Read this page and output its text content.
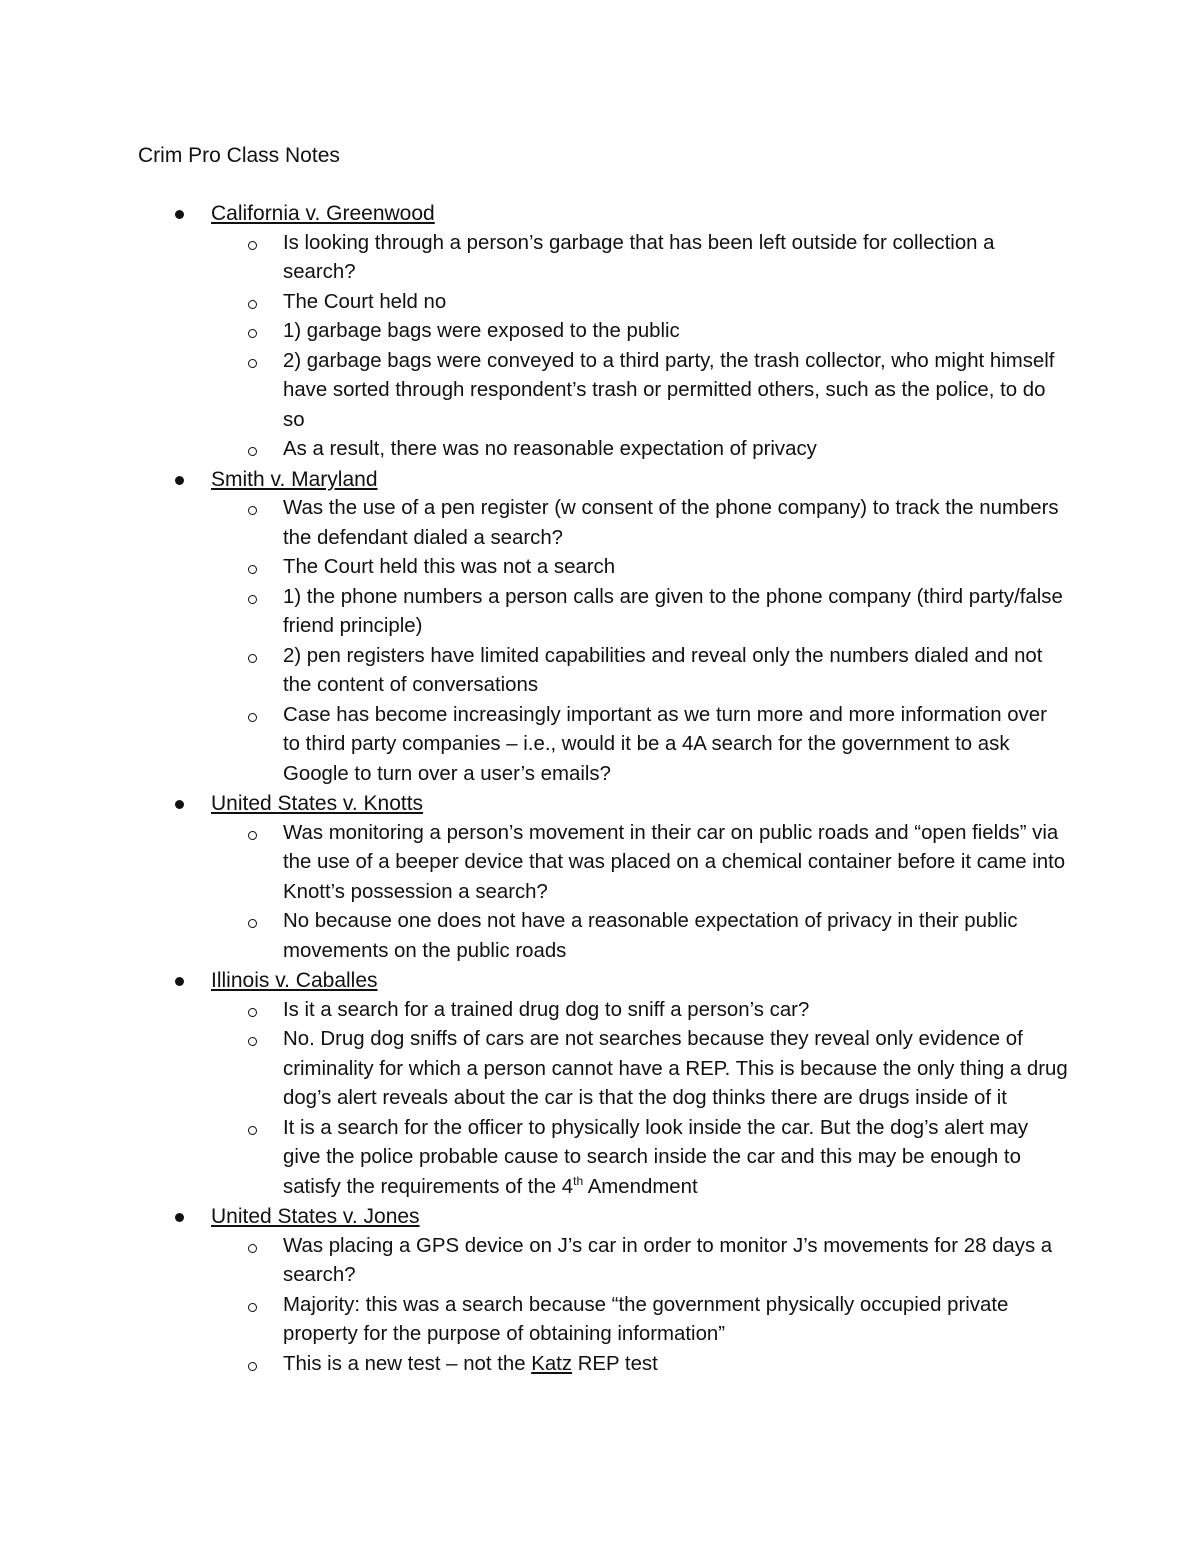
Crim Pro Class Notes
California v. Greenwood
Is looking through a person’s garbage that has been left outside for collection a search?
The Court held no
1) garbage bags were exposed to the public
2) garbage bags were conveyed to a third party, the trash collector, who might himself have sorted through respondent’s trash or permitted others, such as the police, to do so
As a result, there was no reasonable expectation of privacy
Smith v. Maryland
Was the use of a pen register (w consent of the phone company) to track the numbers the defendant dialed a search?
The Court held this was not a search
1) the phone numbers a person calls are given to the phone company (third party/false friend principle)
2) pen registers have limited capabilities and reveal only the numbers dialed and not the content of conversations
Case has become increasingly important as we turn more and more information over to third party companies – i.e., would it be a 4A search for the government to ask Google to turn over a user’s emails?
United States v. Knotts
Was monitoring a person’s movement in their car on public roads and “open fields” via the use of a beeper device that was placed on a chemical container before it came into Knott’s possession a search?
No because one does not have a reasonable expectation of privacy in their public movements on the public roads
Illinois v. Caballes
Is it a search for a trained drug dog to sniff a person’s car?
No. Drug dog sniffs of cars are not searches because they reveal only evidence of criminality for which a person cannot have a REP. This is because the only thing a drug dog’s alert reveals about the car is that the dog thinks there are drugs inside of it
It is a search for the officer to physically look inside the car. But the dog’s alert may give the police probable cause to search inside the car and this may be enough to satisfy the requirements of the 4th Amendment
United States v. Jones
Was placing a GPS device on J’s car in order to monitor J’s movements for 28 days a search?
Majority: this was a search because “the government physically occupied private property for the purpose of obtaining information”
This is a new test – not the Katz REP test
